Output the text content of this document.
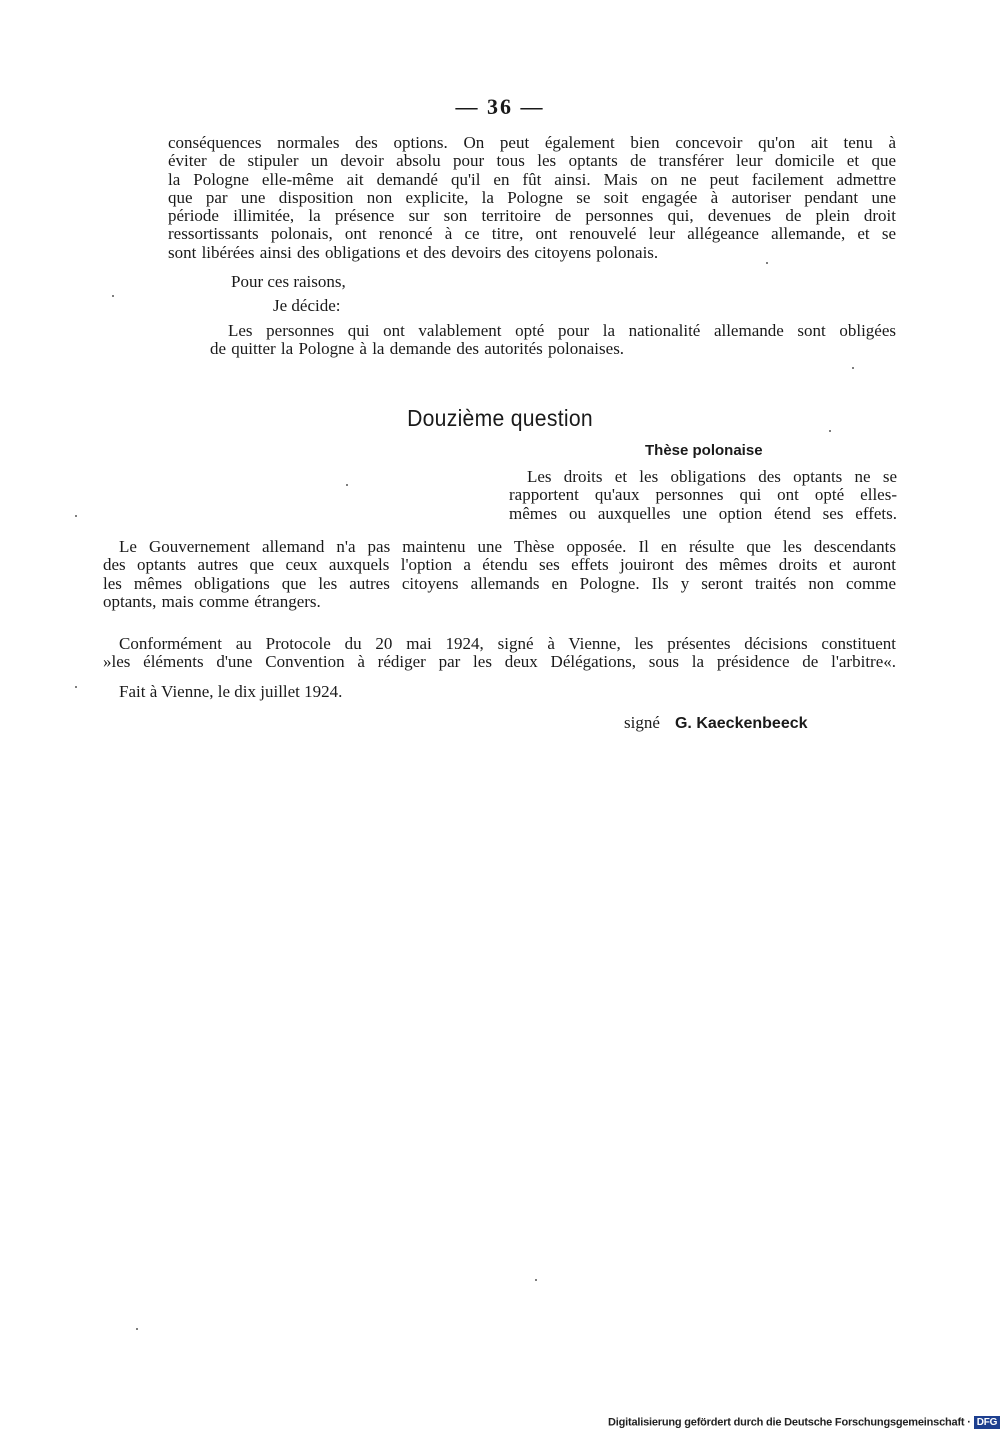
— 36 —
conséquences normales des options. On peut également bien concevoir qu'on ait tenu à
éviter de stipuler un devoir absolu pour tous les optants de transférer leur domicile et que
la Pologne elle-même ait demandé qu'il en fût ainsi. Mais on ne peut facilement admettre
que par une disposition non explicite, la Pologne se soit engagée à autoriser pendant une
période illimitée, la présence sur son territoire de personnes qui, devenues de plein droit
ressortissants polonais, ont renoncé à ce titre, ont renouvelé leur allégeance allemande, et se
sont libérées ainsi des obligations et des devoirs des citoyens polonais.
Pour ces raisons,
Je décide:
Les personnes qui ont valablement opté pour la nationalité allemande sont obligées
de quitter la Pologne à la demande des autorités polonaises.
Douzième question
Thèse polonaise
Les droits et les obligations des optants ne se
rapportent qu'aux personnes qui ont opté elles-
mêmes ou auxquelles une option étend ses effets.
Le Gouvernement allemand n'a pas maintenu une Thèse opposée. Il en résulte que les descendants
des optants autres que ceux auxquels l'option a étendu ses effets jouiront des mêmes droits et auront
les mêmes obligations que les autres citoyens allemands en Pologne. Ils y seront traités non comme
optants, mais comme étrangers.
Conformément au Protocole du 20 mai 1924, signé à Vienne, les présentes décisions constituent
»les éléments d'une Convention à rédiger par les deux Délégations, sous la présidence de l'arbitre«.
Fait à Vienne, le dix juillet 1924.
signé G. Kaeckenbeeck
Digitalisierung gefördert durch die Deutsche Forschungsgemeinschaft · DFG
